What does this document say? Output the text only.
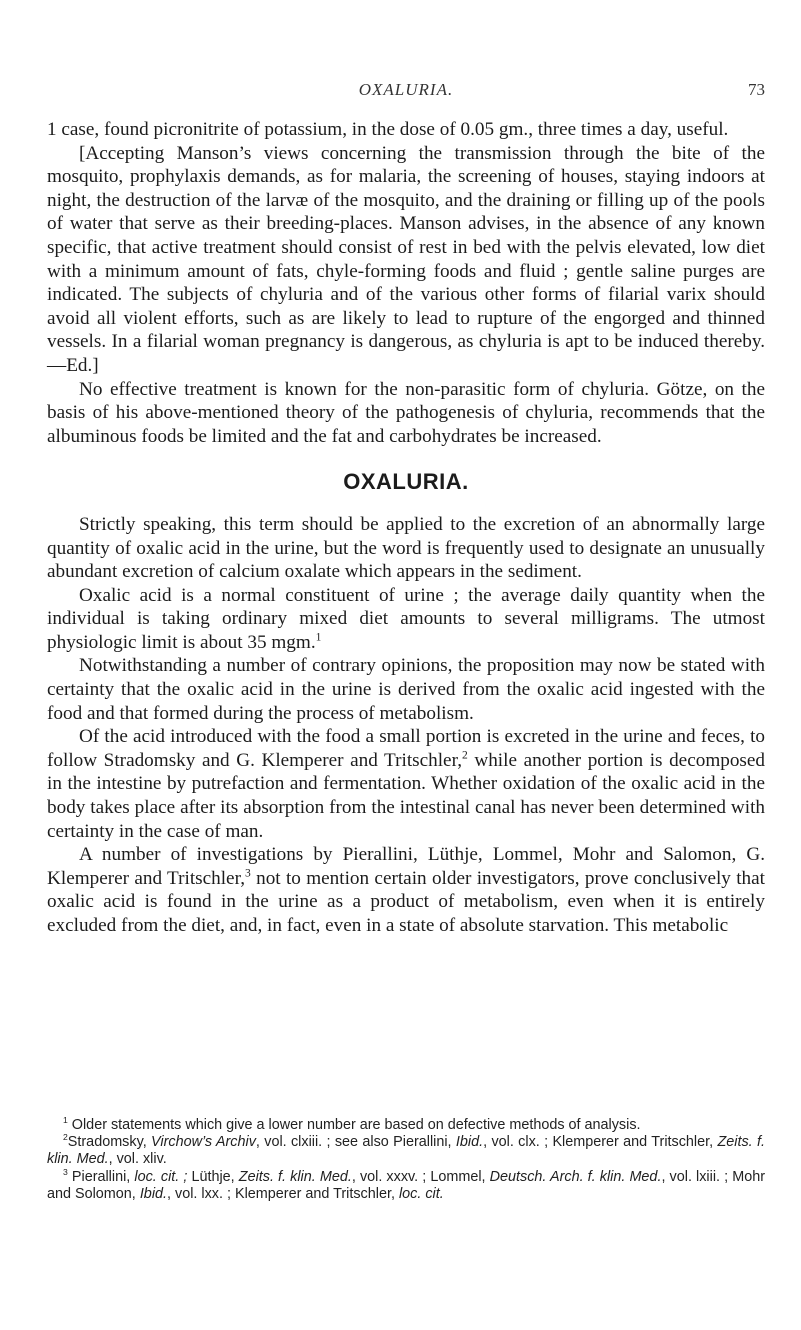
OXALURIA.	73

1 case, found picronitrite of potassium, in the dose of 0.05 gm., three times a day, useful.

[Accepting Manson’s views concerning the transmission through the bite of the mosquito, prophylaxis demands, as for malaria, the screening of houses, staying indoors at night, the destruction of the larvæ of the mosquito, and the draining or filling up of the pools of water that serve as their breeding-places. Manson advises, in the absence of any known specific, that active treatment should consist of rest in bed with the pelvis elevated, low diet with a minimum amount of fats, chyle-forming foods and fluid ; gentle saline purges are indicated. The subjects of chyluria and of the various other forms of filarial varix should avoid all violent efforts, such as are likely to lead to rupture of the engorged and thinned vessels. In a filarial woman pregnancy is dangerous, as chyluria is apt to be induced thereby.—Ed.]

No effective treatment is known for the non-parasitic form of chyluria. Götze, on the basis of his above-mentioned theory of the pathogenesis of chyluria, recommends that the albuminous foods be limited and the fat and carbohydrates be increased.

OXALURIA.

Strictly speaking, this term should be applied to the excretion of an abnormally large quantity of oxalic acid in the urine, but the word is frequently used to designate an unusually abundant excretion of calcium oxalate which appears in the sediment.

Oxalic acid is a normal constituent of urine ; the average daily quantity when the individual is taking ordinary mixed diet amounts to several milligrams. The utmost physiologic limit is about 35 mgm.$^1$

Notwithstanding a number of contrary opinions, the proposition may now be stated with certainty that the oxalic acid in the urine is derived from the oxalic acid ingested with the food and that formed during the process of metabolism.

Of the acid introduced with the food a small portion is excreted in the urine and feces, to follow Stradomsky and G. Klemperer and Tritschler,$^2$ while another portion is decomposed in the intestine by putrefaction and fermentation. Whether oxidation of the oxalic acid in the body takes place after its absorption from the intestinal canal has never been determined with certainty in the case of man.

A number of investigations by Pierallini, Lüthje, Lommel, Mohr and Salomon, G. Klemperer and Tritschler,$^3$ not to mention certain older investigators, prove conclusively that oxalic acid is found in the urine as a product of metabolism, even when it is entirely excluded from the diet, and, in fact, even in a state of absolute starvation. This metabolic

$^1$ Older statements which give a lower number are based on defective methods of analysis.

$^2$Stradomsky, Virchow’s Archiv, vol. clxiii. ; see also Pierallini, Ibid., vol. clx. ; Klemperer and Tritschler, Zeits. f. klin. Med., vol. xliv.

$^3$ Pierallini, loc. cit. ; Lüthje, Zeits. f. klin. Med., vol. xxxv. ; Lommel, Deutsch. Arch. f. klin. Med., vol. lxiii. ; Mohr and Solomon, Ibid., vol. lxx. ; Klemperer and Tritschler, loc. cit.
